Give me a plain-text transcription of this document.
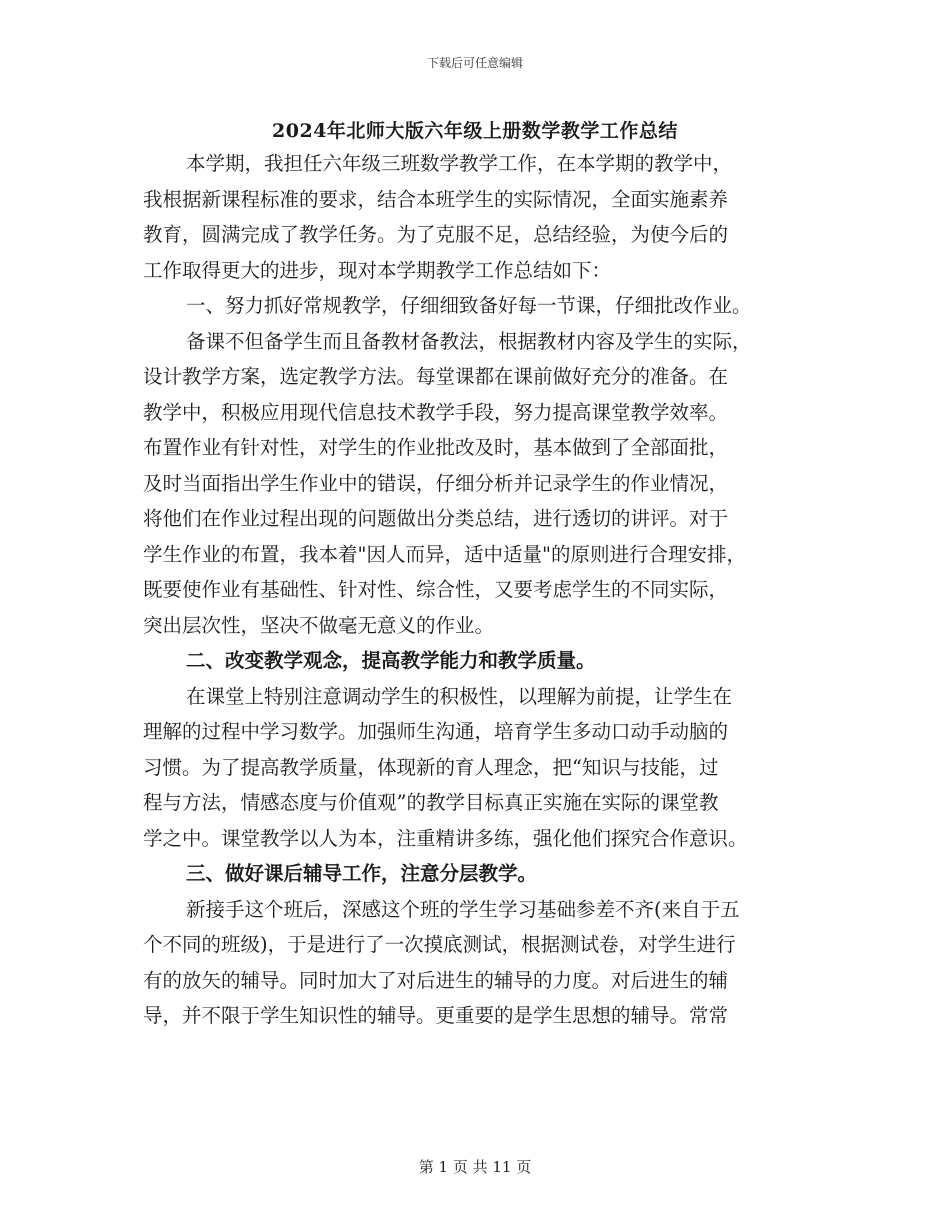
下载后可任意编辑
2024年北师大版六年级上册数学教学工作总结
本学期，我担任六年级三班数学教学工作，在本学期的教学中，
我根据新课程标准的要求，结合本班学生的实际情况，全面实施素养
教育，圆满完成了教学任务。为了克服不足，总结经验，为使今后的
工作取得更大的进步，现对本学期教学工作总结如下：
一、努力抓好常规教学，仔细细致备好每一节课，仔细批改作业。
备课不但备学生而且备教材备教法，根据教材内容及学生的实际，
设计教学方案，选定教学方法。每堂课都在课前做好充分的准备。在
教学中，积极应用现代信息技术教学手段，努力提高课堂教学效率。
布置作业有针对性，对学生的作业批改及时，基本做到了全部面批，
及时当面指出学生作业中的错误，仔细分析并记录学生的作业情况，
将他们在作业过程出现的问题做出分类总结，进行透切的讲评。对于
学生作业的布置，我本着"因人而异，适中适量"的原则进行合理安排，
既要使作业有基础性、针对性、综合性，又要考虑学生的不同实际，
突出层次性，坚决不做毫无意义的作业。
二、改变教学观念，提高教学能力和教学质量。
在课堂上特别注意调动学生的积极性，以理解为前提，让学生在
理解的过程中学习数学。加强师生沟通，培育学生多动口动手动脑的
习惯。为了提高教学质量，体现新的育人理念，把“知识与技能，过
程与方法，情感态度与价值观”的教学目标真正实施在实际的课堂教
学之中。课堂教学以人为本，注重精讲多练，强化他们探究合作意识。
三、做好课后辅导工作，注意分层教学。
新接手这个班后，深感这个班的学生学习基础参差不齐(来自于五
个不同的班级)，于是进行了一次摸底测试，根据测试卷，对学生进行
有的放矢的辅导。同时加大了对后进生的辅导的力度。对后进生的辅
导，并不限于学生知识性的辅导。更重要的是学生思想的辅导。常常
第 1 页 共 11 页
